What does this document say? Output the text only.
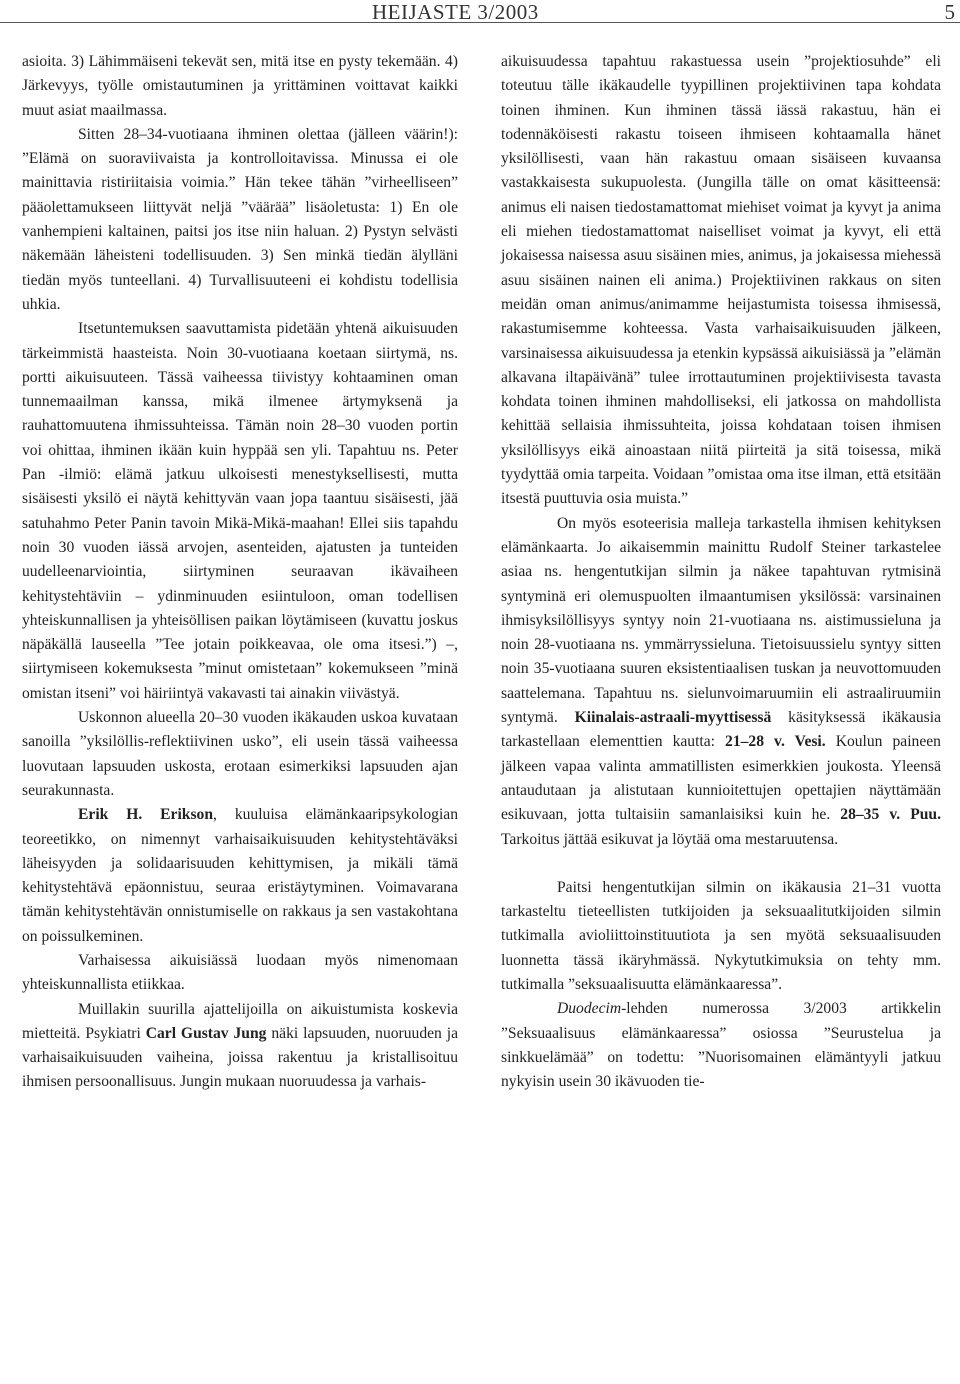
HEIJASTE 3/2003	5

asioita. 3) Lähimmäiseni tekevät sen, mitä itse en pysty tekemään. 4) Järkevyys, työlle omistautuminen ja yrittäminen voittavat kaikki muut asiat maailmassa.

Sitten 28–34-vuotiaana ihminen olettaa (jälleen väärin!): ”Elämä on suoraviivaista ja kontrolloitavissa. Minussa ei ole mainittavia ristiriitaisia voimia.” Hän tekee tähän ”virheelliseen” pääolettamukseen liittyvät neljä ”väärää” lisäoletusta: 1) En ole vanhempieni kaltainen, paitsi jos itse niin haluan. 2) Pystyn selvästi näkemään läheisteni todellisuuden. 3) Sen minkä tiedän älylläni tiedän myös tunteellani. 4) Turvallisuuteeni ei kohdistu todellisia uhkia.

Itsetuntemuksen saavuttamista pidetään yhtenä aikuisuuden tärkeimmistä haasteista. Noin 30-vuotiaana koetaan siirtymä, ns. portti aikuisuuteen. Tässä vaiheessa tiivistyy kohtaaminen oman tunnemaailman kanssa, mikä ilmenee ärtymyksenä ja rauhattomuutena ihmissuhteissa. Tämän noin 28–30 vuoden portin voi ohittaa, ihminen ikään kuin hyppää sen yli. Tapahtuu ns. Peter Pan -ilmiö: elämä jatkuu ulkoisesti menestyksellisesti, mutta sisäisesti yksilö ei näytä kehittyvän vaan jopa taantuu sisäisesti, jää satuhahmo Peter Panin tavoin Mikä-Mikä-maahan! Ellei siis tapahdu noin 30 vuoden iässä arvojen, asenteiden, ajatusten ja tunteiden uudelleenarviointia, siirtyminen seuraavan ikävaiheen kehitystehtäviin – ydinminuuden esiintuloon, oman todellisen yhteiskunnallisen ja yhteisöllisen paikan löytämiseen (kuvattu joskus näpäkällä lauseella ”Tee jotain poikkeavaa, ole oma itsesi.”) –, siirtymiseen kokemuksesta ”minut omistetaan” kokemukseen ”minä omistan itseni” voi häiriintyä vakavasti tai ainakin viivästyä.

Uskonnon alueella 20–30 vuoden ikäkauden uskoa kuvataan sanoilla ”yksilöllis-reflektiivinen usko”, eli usein tässä vaiheessa luovutaan lapsuuden uskosta, erotaan esimerkiksi lapsuuden ajan seurakunnasta.

Erik H. Erikson, kuuluisa elämänkaaripsykologian teoreetikko, on nimennyt varhaisaikuisuuden kehitystehtäväksi läheisyyden ja solidaarisuuden kehittymisen, ja mikäli tämä kehitystehtävä epäonnistuu, seuraa eristäytyminen. Voimavarana tämän kehitystehtävän onnistumiselle on rakkaus ja sen vastakohtana on poissulkeminen.

Varhaisessa aikuisiässä luodaan myös nimenomaan yhteiskunnallista etiikkaa.

Muillakin suurilla ajattelijoilla on aikuistumista koskevia mietteitä. Psykiatri Carl Gustav Jung näki lapsuuden, nuoruuden ja varhaisaikuisuuden vaiheina, joissa rakentuu ja kristallisoituu ihmisen persoonallisuus. Jungin mukaan nuoruudessa ja varhais-

aikuisuudessa tapahtuu rakastuessa usein ”projektiosuhde” eli toteutuu tälle ikäkaudelle tyypillinen projektiivinen tapa kohdata toinen ihminen. Kun ihminen tässä iässä rakastuu, hän ei todennäköisesti rakastu toiseen ihmiseen kohtaamalla hänet yksilöllisesti, vaan hän rakastuu omaan sisäiseen kuvaansa vastakkaisesta sukupuolesta. (Jungilla tälle on omat käsitteensä: animus eli naisen tiedostamattomat miehiset voimat ja kyvyt ja anima eli miehen tiedostamattomat naiselliset voimat ja kyvyt, eli että jokaisessa naisessa asuu sisäinen mies, animus, ja jokaisessa miehessä asuu sisäinen nainen eli anima.) Projektiivinen rakkaus on siten meidän oman animus/animamme heijastumista toisessa ihmisessä, rakastumisemme kohteessa. Vasta varhaisaikuisuuden jälkeen, varsinaisessa aikuisuudessa ja etenkin kypsässä aikuisiässä ja ”elämän alkavana iltapäivänä” tulee irrottautuminen projektiivisesta tavasta kohdata toinen ihminen mahdolliseksi, eli jatkossa on mahdollista kehittää sellaisia ihmissuhteita, joissa kohdataan toisen ihmisen yksilöllisyys eikä ainoastaan niitä piirteitä ja sitä toisessa, mikä tyydyttää omia tarpeita. Voidaan ”omistaa oma itse ilman, että etsitään itsestä puuttuvia osia muista.”

On myös esoteerisia malleja tarkastella ihmisen kehityksen elämänkaarta. Jo aikaisemmin mainittu Rudolf Steiner tarkastelee asiaa ns. hengentutkijan silmin ja näkee tapahtuvan rytmisinä syntyminä eri olemuspuolten ilmaantumisen yksilössä: varsinainen ihmisyksilöllisyys syntyy noin 21-vuotiaana ns. aistimussieluna ja noin 28-vuotiaana ns. ymmärryssieluna. Tietoisuussielu syntyy sitten noin 35-vuotiaana suuren eksistentiaalisen tuskan ja neuvottomuuden saattelemana. Tapahtuu ns. sielunvoimaruumiin eli astraaliruumiin syntymä. Kiinalais-astraali-myyttisessä käsityksessä ikäkausia tarkastellaan elementtien kautta: 21–28 v. Vesi. Koulun paineen jälkeen vapaa valinta ammatillisten esimerkkien joukosta. Yleensä antaudutaan ja alistutaan kunnioitettujen opettajien näyttämään esikuvaan, jotta tultaisiin samanlaisiksi kuin he. 28–35 v. Puu. Tarkoitus jättää esikuvat ja löytää oma mestaruutensa.

Paitsi hengentutkijan silmin on ikäkausia 21–31 vuotta tarkasteltu tieteellisten tutkijoiden ja seksuaalitutkijoiden silmin tutkimalla avioliittoinstituutiota ja sen myötä seksuaalisuuden luonnetta tässä ikäryhmässä. Nykytutkimuksia on tehty mm. tutkimalla ”seksuaalisuutta elämänkaaressa”.

Duodecim-lehden numerossa 3/2003 artikkelin ”Seksuaalisuus elämänkaaressa” osiossa ”Seurustelua ja sinkkuelämää” on todettu: ”Nuorisomainen elämäntyyli jatkuu nykyisin usein 30 ikävuoden tie-
